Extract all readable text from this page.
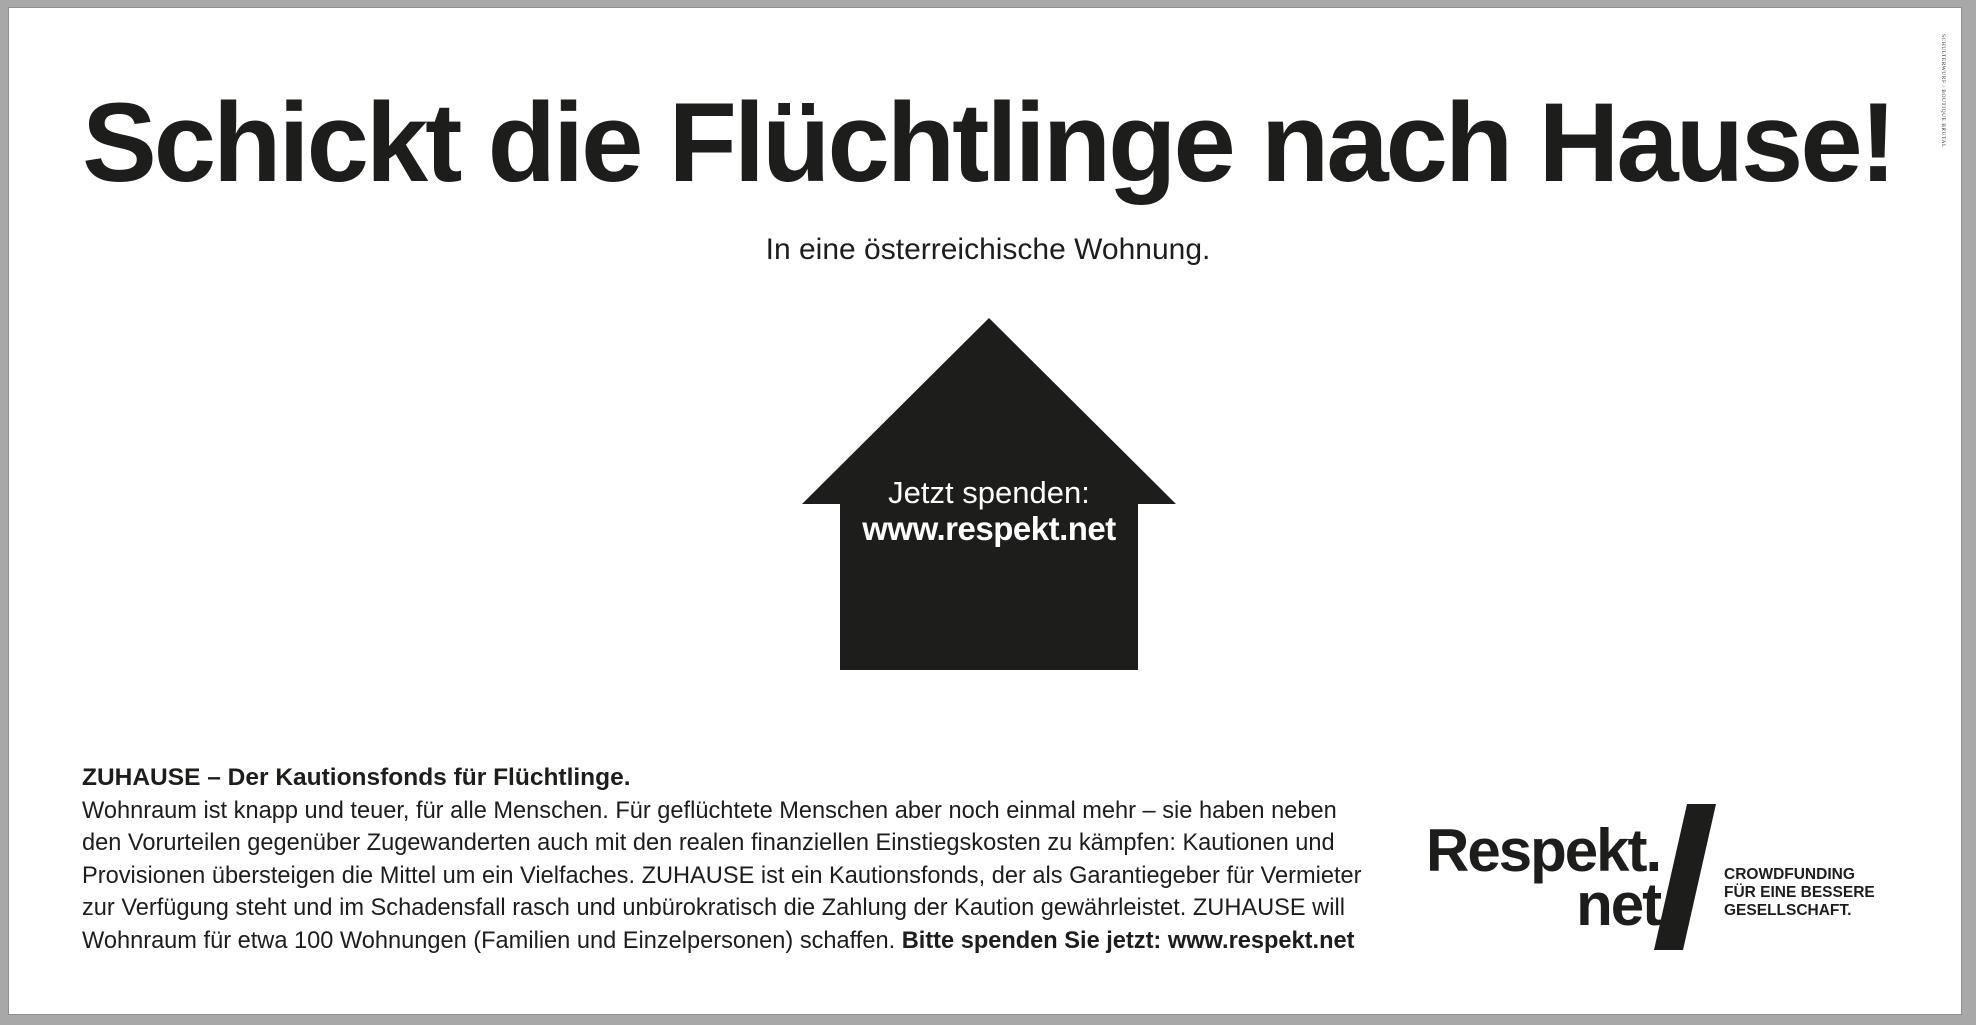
Schickt die Flüchtlinge nach Hause!
In eine österreichische Wohnung.
Jetzt spenden:
www.respekt.net
ZUHAUSE – Der Kautionsfonds für Flüchtlinge.
Wohnraum ist knapp und teuer, für alle Menschen. Für geflüchtete Menschen aber noch einmal mehr – sie haben neben
den Vorurteilen gegenüber Zugewanderten auch mit den realen finanziellen Einstiegskosten zu kämpfen: Kautionen und
Provisionen übersteigen die Mittel um ein Vielfaches. ZUHAUSE ist ein Kautionsfonds, der als Garantiegeber für Vermieter
zur Verfügung steht und im Schadensfall rasch und unbürokratisch die Zahlung der Kaution gewährleistet. ZUHAUSE will
Wohnraum für etwa 100 Wohnungen (Familien und Einzelpersonen) schaffen. Bitte spenden Sie jetzt: www.respekt.net
Respekt.
net	CROWDFUNDING
FÜR EINE BESSERE
GESELLSCHAFT.
SCHULTERWURF / BOUTIQUE BRUTAL
